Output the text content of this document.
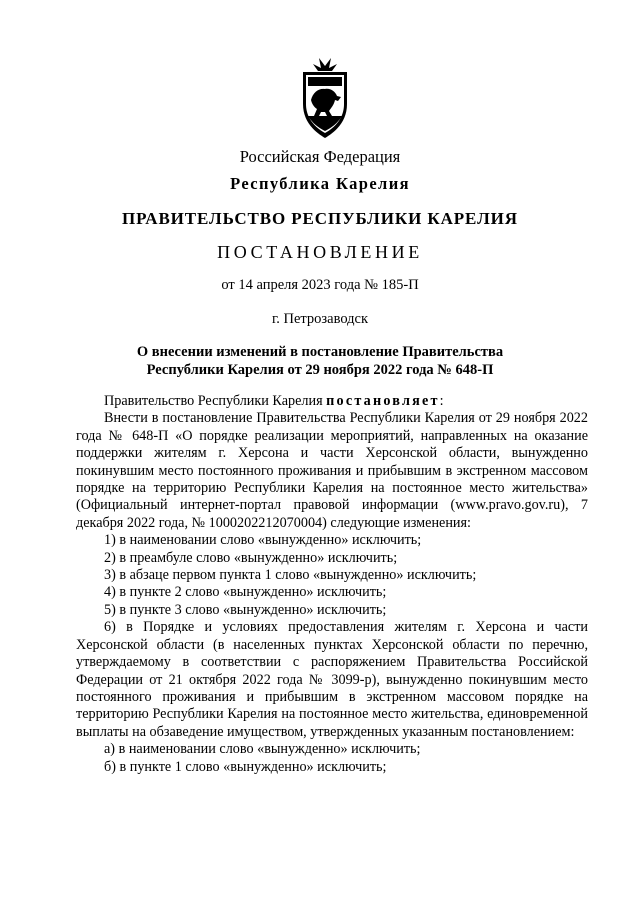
Российская Федерация
Республика Карелия
ПРАВИТЕЛЬСТВО РЕСПУБЛИКИ КАРЕЛИЯ
ПОСТАНОВЛЕНИЕ
от 14 апреля 2023 года № 185-П
г. Петрозаводск
О внесении изменений в постановление Правительства
Республики Карелия от 29 ноября 2022 года № 648-П

Правительство Республики Карелия постановляет:

Внести в постановление Правительства Республики Карелия от 29 ноября 2022 года № 648-П «О порядке реализации мероприятий, направленных на оказание поддержки жителям г. Херсона и части Херсонской области, вынужденно покинувшим место постоянного проживания и прибывшим в экстренном массовом порядке на территорию Республики Карелия на постоянное место жительства» (Официальный интернет-портал правовой информации (www.pravo.gov.ru), 7 декабря 2022 года, № 1000202212070004) следующие изменения:

1) в наименовании слово «вынужденно» исключить;

2) в преамбуле слово «вынужденно» исключить;

3) в абзаце первом пункта 1 слово «вынужденно» исключить;

4) в пункте 2 слово «вынужденно» исключить;

5) в пункте 3 слово «вынужденно» исключить;

6) в Порядке и условиях предоставления жителям г. Херсона и части Херсонской области (в населенных пунктах Херсонской области по перечню, утверждаемому в соответствии с распоряжением Правительства Российской Федерации от 21 октября 2022 года № 3099-р), вынужденно покинувшим место постоянного проживания и прибывшим в экстренном массовом порядке на территорию Республики Карелия на постоянное место жительства, единовременной выплаты на обзаведение имуществом, утвержденных указанным постановлением:

а) в наименовании слово «вынужденно» исключить;

б) в пункте 1 слово «вынужденно» исключить;
